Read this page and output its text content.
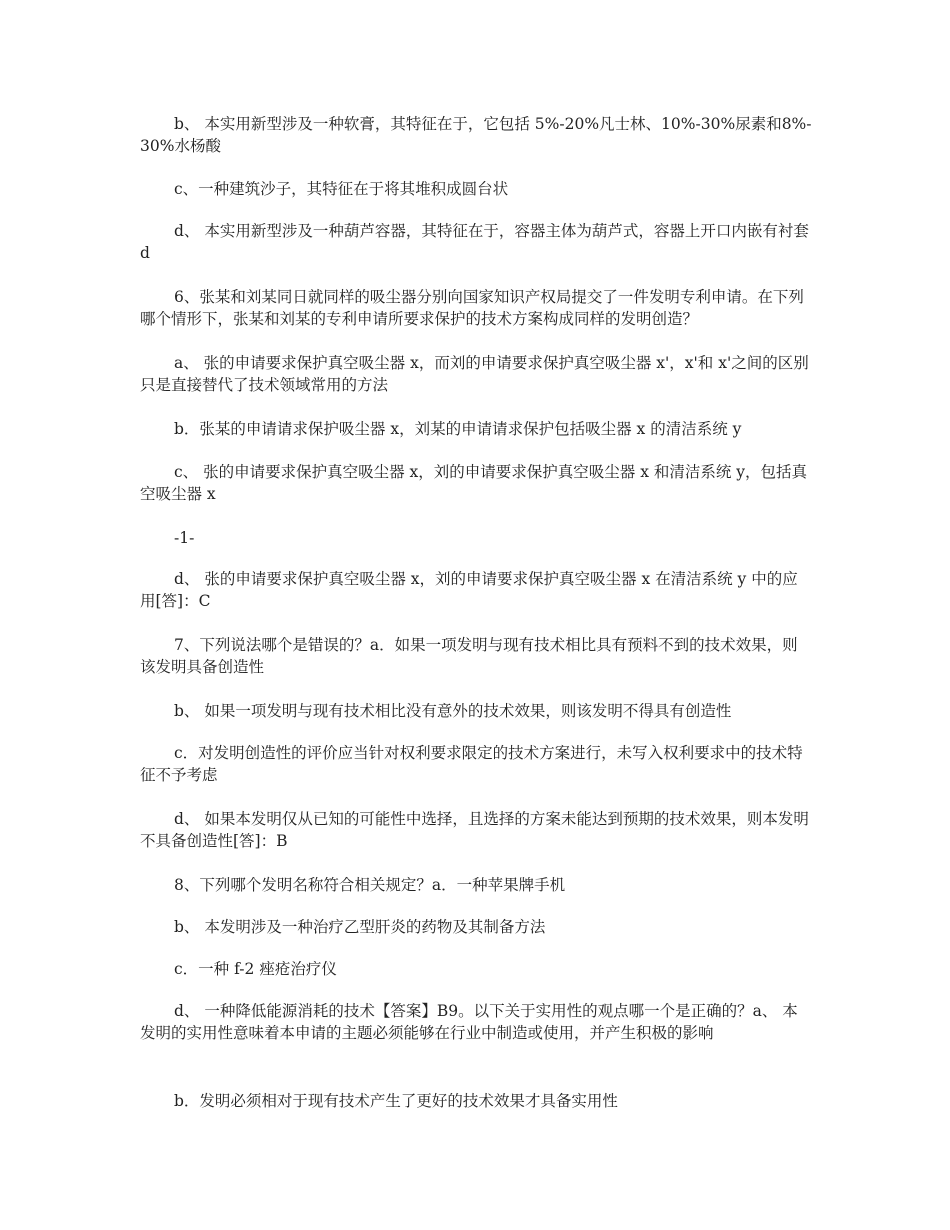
b、 本实用新型涉及一种软膏，其特征在于，它包括 5%-20%凡士林、10%-30%尿素和8%-30%水杨酸

c、一种建筑沙子，其特征在于将其堆积成圆台状

d、 本实用新型涉及一种葫芦容器，其特征在于，容器主体为葫芦式，容器上开口内嵌有衬套 d

6、张某和刘某同日就同样的吸尘器分别向国家知识产权局提交了一件发明专利申请。在下列哪个情形下，张某和刘某的专利申请所要求保护的技术方案构成同样的发明创造？

a、 张的申请要求保护真空吸尘器 x，而刘的申请要求保护真空吸尘器 x'，x'和 x'之间的区别只是直接替代了技术领域常用的方法

b．张某的申请请求保护吸尘器 x，刘某的申请请求保护包括吸尘器 x 的清洁系统 y

c、 张的申请要求保护真空吸尘器 x，刘的申请要求保护真空吸尘器 x 和清洁系统 y，包括真空吸尘器 x

-1-

d、 张的申请要求保护真空吸尘器 x，刘的申请要求保护真空吸尘器 x 在清洁系统 y 中的应用[答]：C

7、下列说法哪个是错误的？a．如果一项发明与现有技术相比具有预料不到的技术效果，则该发明具备创造性

b、 如果一项发明与现有技术相比没有意外的技术效果，则该发明不得具有创造性

c．对发明创造性的评价应当针对权利要求限定的技术方案进行，未写入权利要求中的技术特征不予考虑

d、 如果本发明仅从已知的可能性中选择，且选择的方案未能达到预期的技术效果，则本发明不具备创造性[答]：B

8、下列哪个发明名称符合相关规定？a．一种苹果牌手机

b、 本发明涉及一种治疗乙型肝炎的药物及其制备方法

c．一种 f-2 痤疮治疗仪

d、 一种降低能源消耗的技术【答案】B9。以下关于实用性的观点哪一个是正确的？a、 本发明的实用性意味着本申请的主题必须能够在行业中制造或使用，并产生积极的影响

b．发明必须相对于现有技术产生了更好的技术效果才具备实用性
